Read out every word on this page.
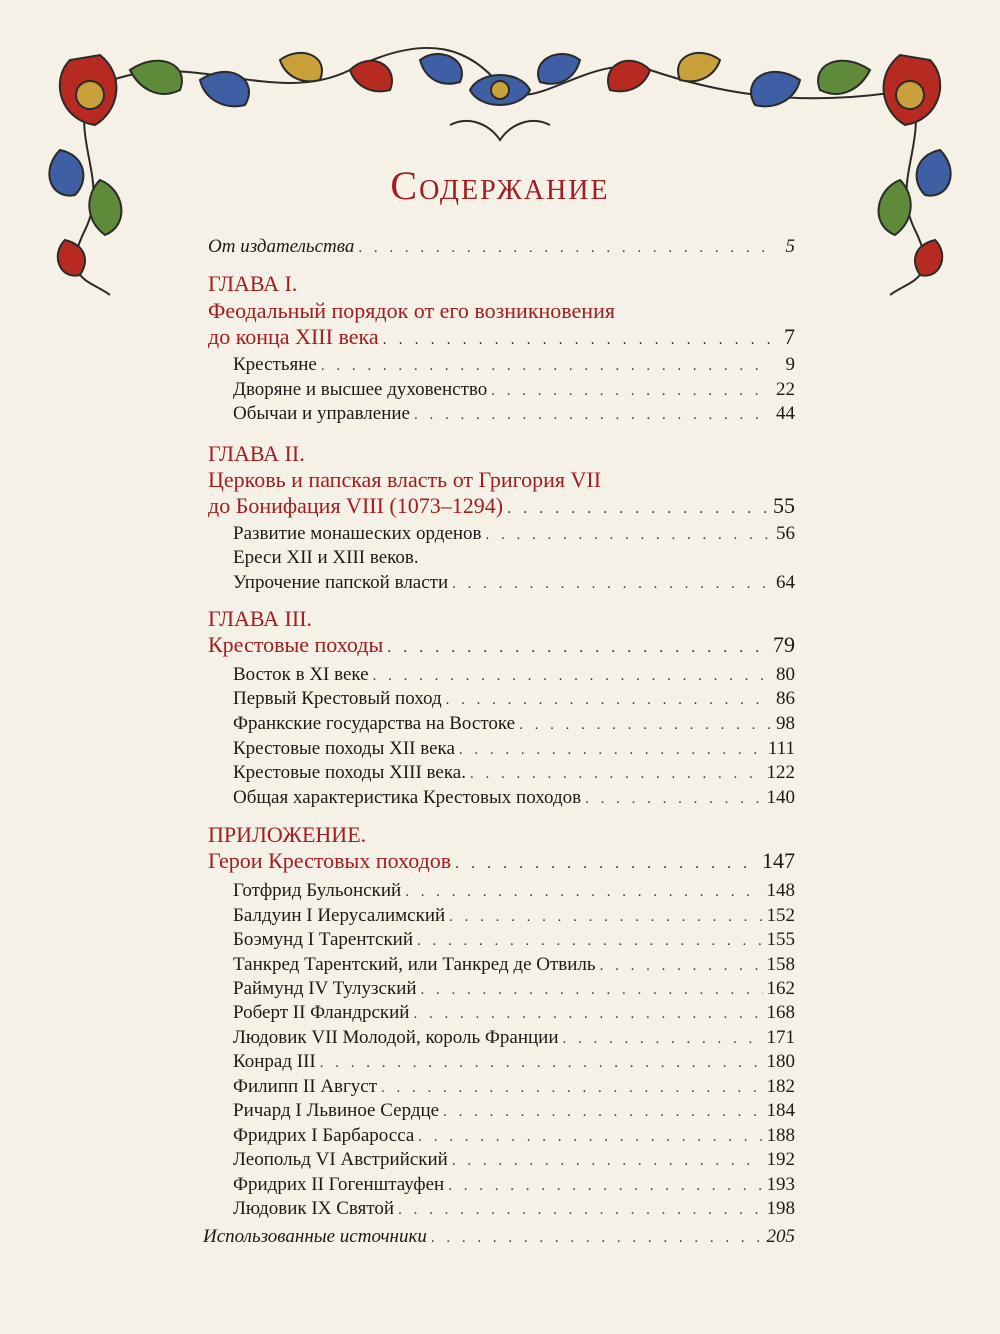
Содержание
От издательства . . .	5
ГЛАВА I.
Феодальный порядок от его возникновения
до конца XIII века . . .	7
Крестьяне . . .	9
Дворяне и высшее духовенство . . .	22
Обычаи и управление . . .	44
ГЛАВА II.
Церковь и папская власть от Григория VII
до Бонифация VIII (1073–1294) . . .	55
Развитие монашеских орденов . . .	56
Ереси XII и XIII веков.
Упрочение папской власти . . .	64
ГЛАВА III.
Крестовые походы . . .	79
Восток в XI веке . . .	80
Первый Крестовый поход . . .	86
Франкские государства на Востоке . . .	98
Крестовые походы XII века . . .	111
Крестовые походы XIII века. . . .	122
Общая характеристика Крестовых походов . . .	140
ПРИЛОЖЕНИЕ.
Герои Крестовых походов . . .	147
Готфрид Бульонский . . .	148
Балдуин I Иерусалимский . . .	152
Боэмунд I Тарентский . . .	155
Танкред Тарентский, или Танкред де Отвиль . . .	158
Раймунд IV Тулузский . . .	162
Роберт II Фландрский . . .	168
Людовик VII Молодой, король Франции . . .	171
Конрад III . . .	180
Филипп II Август . . .	182
Ричард I Львиное Сердце . . .	184
Фридрих I Барбаросса . . .	188
Леопольд VI Австрийский . . .	192
Фридрих II Гогенштауфен . . .	193
Людовик IX Святой . . .	198
Использованные источники . . .	205
